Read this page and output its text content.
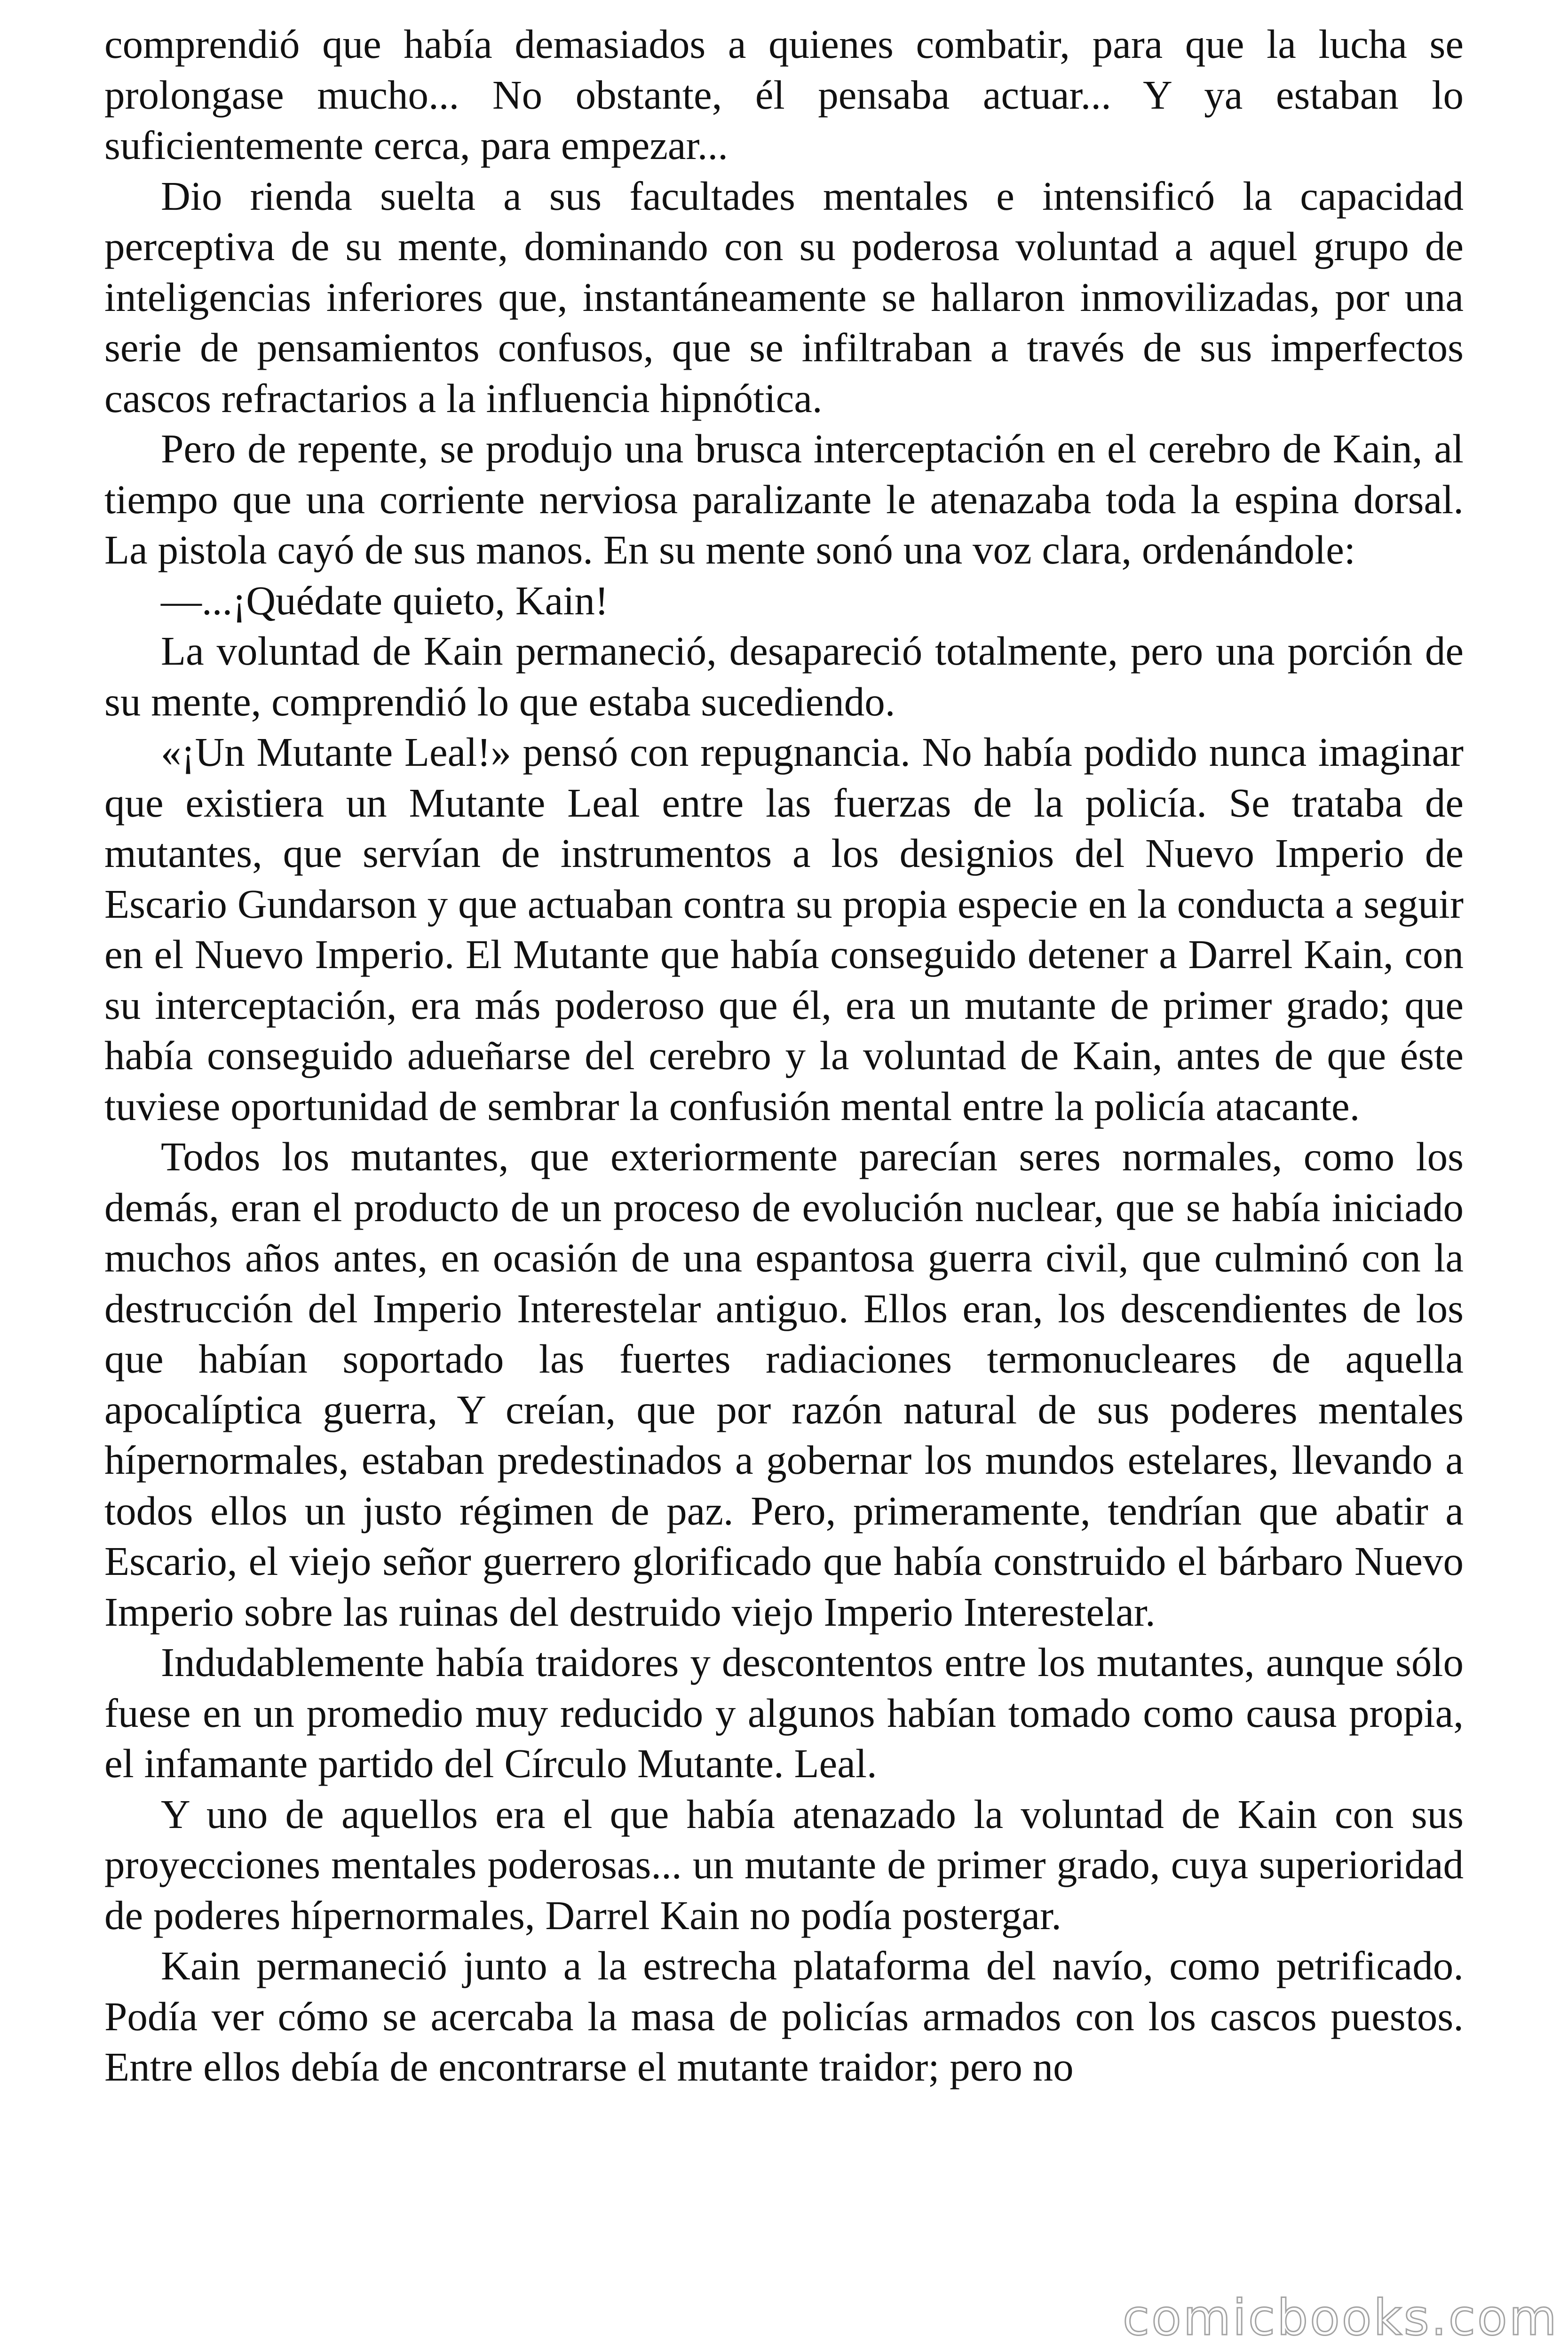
comprendió que había demasiados a quienes combatir, para que la lucha se prolongase mucho... No obstante, él pensaba actuar... Y ya estaban lo suficientemente cerca, para empezar...

Dio rienda suelta a sus facultades mentales e intensificó la capacidad perceptiva de su mente, dominando con su poderosa voluntad a aquel grupo de inteligencias inferiores que, instantáneamente se hallaron inmovilizadas, por una serie de pensamientos confusos, que se infiltraban a través de sus imperfectos cascos refractarios a la influencia hipnótica.

Pero de repente, se produjo una brusca interceptación en el cerebro de Kain, al tiempo que una corriente nerviosa paralizante le atenazaba toda la espina dorsal. La pistola cayó de sus manos. En su mente sonó una voz clara, ordenándole:

—...¡Quédate quieto, Kain!

La voluntad de Kain permaneció, desapareció totalmente, pero una porción de su mente, comprendió lo que estaba sucediendo.

«¡Un Mutante Leal!» pensó con repugnancia. No había podido nunca imaginar que existiera un Mutante Leal entre las fuerzas de la policía. Se trataba de mutantes, que servían de instrumentos a los designios del Nuevo Imperio de Escario Gundarson y que actuaban contra su propia especie en la conducta a seguir en el Nuevo Imperio. El Mutante que había conseguido detener a Darrel Kain, con su interceptación, era más poderoso que él, era un mutante de primer grado; que había conseguido adueñarse del cerebro y la voluntad de Kain, antes de que éste tuviese oportunidad de sembrar la confusión mental entre la policía atacante.

Todos los mutantes, que exteriormente parecían seres normales, como los demás, eran el producto de un proceso de evolución nuclear, que se había iniciado muchos años antes, en ocasión de una espantosa guerra civil, que culminó con la destrucción del Imperio Interestelar antiguo. Ellos eran, los descendientes de los que habían soportado las fuertes radiaciones termonucleares de aquella apocalíptica guerra, Y creían, que por razón natural de sus poderes mentales hípernormales, estaban predestinados a gobernar los mundos estelares, llevando a todos ellos un justo régimen de paz. Pero, primeramente, tendrían que abatir a Escario, el viejo señor guerrero glorificado que había construido el bárbaro Nuevo Imperio sobre las ruinas del destruido viejo Imperio Interestelar.

Indudablemente había traidores y descontentos entre los mutantes, aunque sólo fuese en un promedio muy reducido y algunos habían tomado como causa propia, el infamante partido del Círculo Mutante. Leal.

Y uno de aquellos era el que había atenazado la voluntad de Kain con sus proyecciones mentales poderosas... un mutante de primer grado, cuya superioridad de poderes hípernormales, Darrel Kain no podía postergar.

Kain permaneció junto a la estrecha plataforma del navío, como petrificado. Podía ver cómo se acercaba la masa de policías armados con los cascos puestos. Entre ellos debía de encontrarse el mutante traidor; pero no

comicbooks.com
